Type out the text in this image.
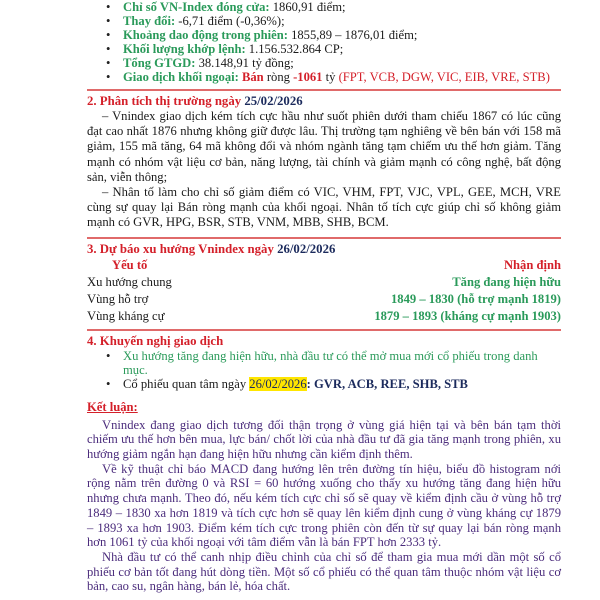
• Chỉ số VN-Index đóng cửa: 1860,91 điểm;
• Thay đổi: -6,71 điểm (-0,36%);
• Khoảng dao động trong phiên: 1855,89 – 1876,01 điểm;
• Khối lượng khớp lệnh: 1.156.532.864 CP;
• Tổng GTGD: 38.148,91 tỷ đồng;
• Giao dịch khối ngoại: Bán ròng -1061 tỷ (FPT, VCB, DGW, VIC, EIB, VRE, STB)
2. Phân tích thị trường ngày 25/02/2026

– Vnindex giao dịch kém tích cực hầu như suốt phiên dưới tham chiếu 1867 có lúc cũng đạt cao nhất 1876 nhưng không giữ được lâu. Thị trường tạm nghiêng về bên bán với 158 mã giảm, 155 mã tăng, 64 mã không đổi và nhóm ngành tăng tạm chiếm ưu thế hơn giảm. Tăng mạnh có nhóm vật liệu cơ bản, năng lượng, tài chính và giảm mạnh có công nghệ, bất động sản, viễn thông;

– Nhân tố làm cho chỉ số giảm điểm có VIC, VHM, FPT, VJC, VPL, GEE, MCH, VRE cùng sự quay lại Bán ròng mạnh của khối ngoại. Nhân tố tích cực giúp chỉ số không giảm mạnh có GVR, HPG, BSR, STB, VNM, MBB, SHB, BCM.

3. Dự báo xu hướng Vnindex ngày 26/02/2026
Yếu tố	Nhận định
Xu hướng chung	Tăng đang hiện hữu
Vùng hỗ trợ	1849 – 1830 (hỗ trợ mạnh 1819)
Vùng kháng cự	1879 – 1893 (kháng cự mạnh 1903)
4. Khuyến nghị giao dịch
• Xu hướng tăng đang hiện hữu, nhà đầu tư có thể mở mua mới cổ phiếu trong danh mục.
• Cổ phiếu quan tâm ngày 26/02/2026: GVR, ACB, REE, SHB, STB
Kết luận:

Vnindex đang giao dịch tương đối thận trọng ở vùng giá hiện tại và bên bán tạm thời chiếm ưu thế hơn bên mua, lực bán/ chốt lời của nhà đầu tư đã gia tăng mạnh trong phiên, xu hướng giảm ngắn hạn đang hiện hữu nhưng cần kiểm định thêm.

Về kỹ thuật chỉ báo MACD đang hướng lên trên đường tín hiệu, biểu đồ histogram nới rộng nằm trên đường 0 và RSI = 60 hướng xuống cho thấy xu hướng tăng đang hiện hữu nhưng chưa mạnh. Theo đó, nếu kém tích cực chỉ số sẽ quay về kiểm định cầu ở vùng hỗ trợ 1849 – 1830 xa hơn 1819 và tích cực hơn sẽ quay lên kiểm định cung ở vùng kháng cự 1879 – 1893 xa hơn 1903. Điểm kém tích cực trong phiên còn đến từ sự quay lại bán ròng mạnh hơn 1061 tỷ của khối ngoại với tâm điểm vẫn là bán FPT hơn 2333 tỷ.

Nhà đầu tư có thể canh nhịp điều chỉnh của chỉ số để tham gia mua mới dần một số cổ phiếu cơ bản tốt đang hút dòng tiền. Một số cổ phiếu có thể quan tâm thuộc nhóm vật liệu cơ bản, cao su, ngân hàng, bán lẻ, hóa chất.
